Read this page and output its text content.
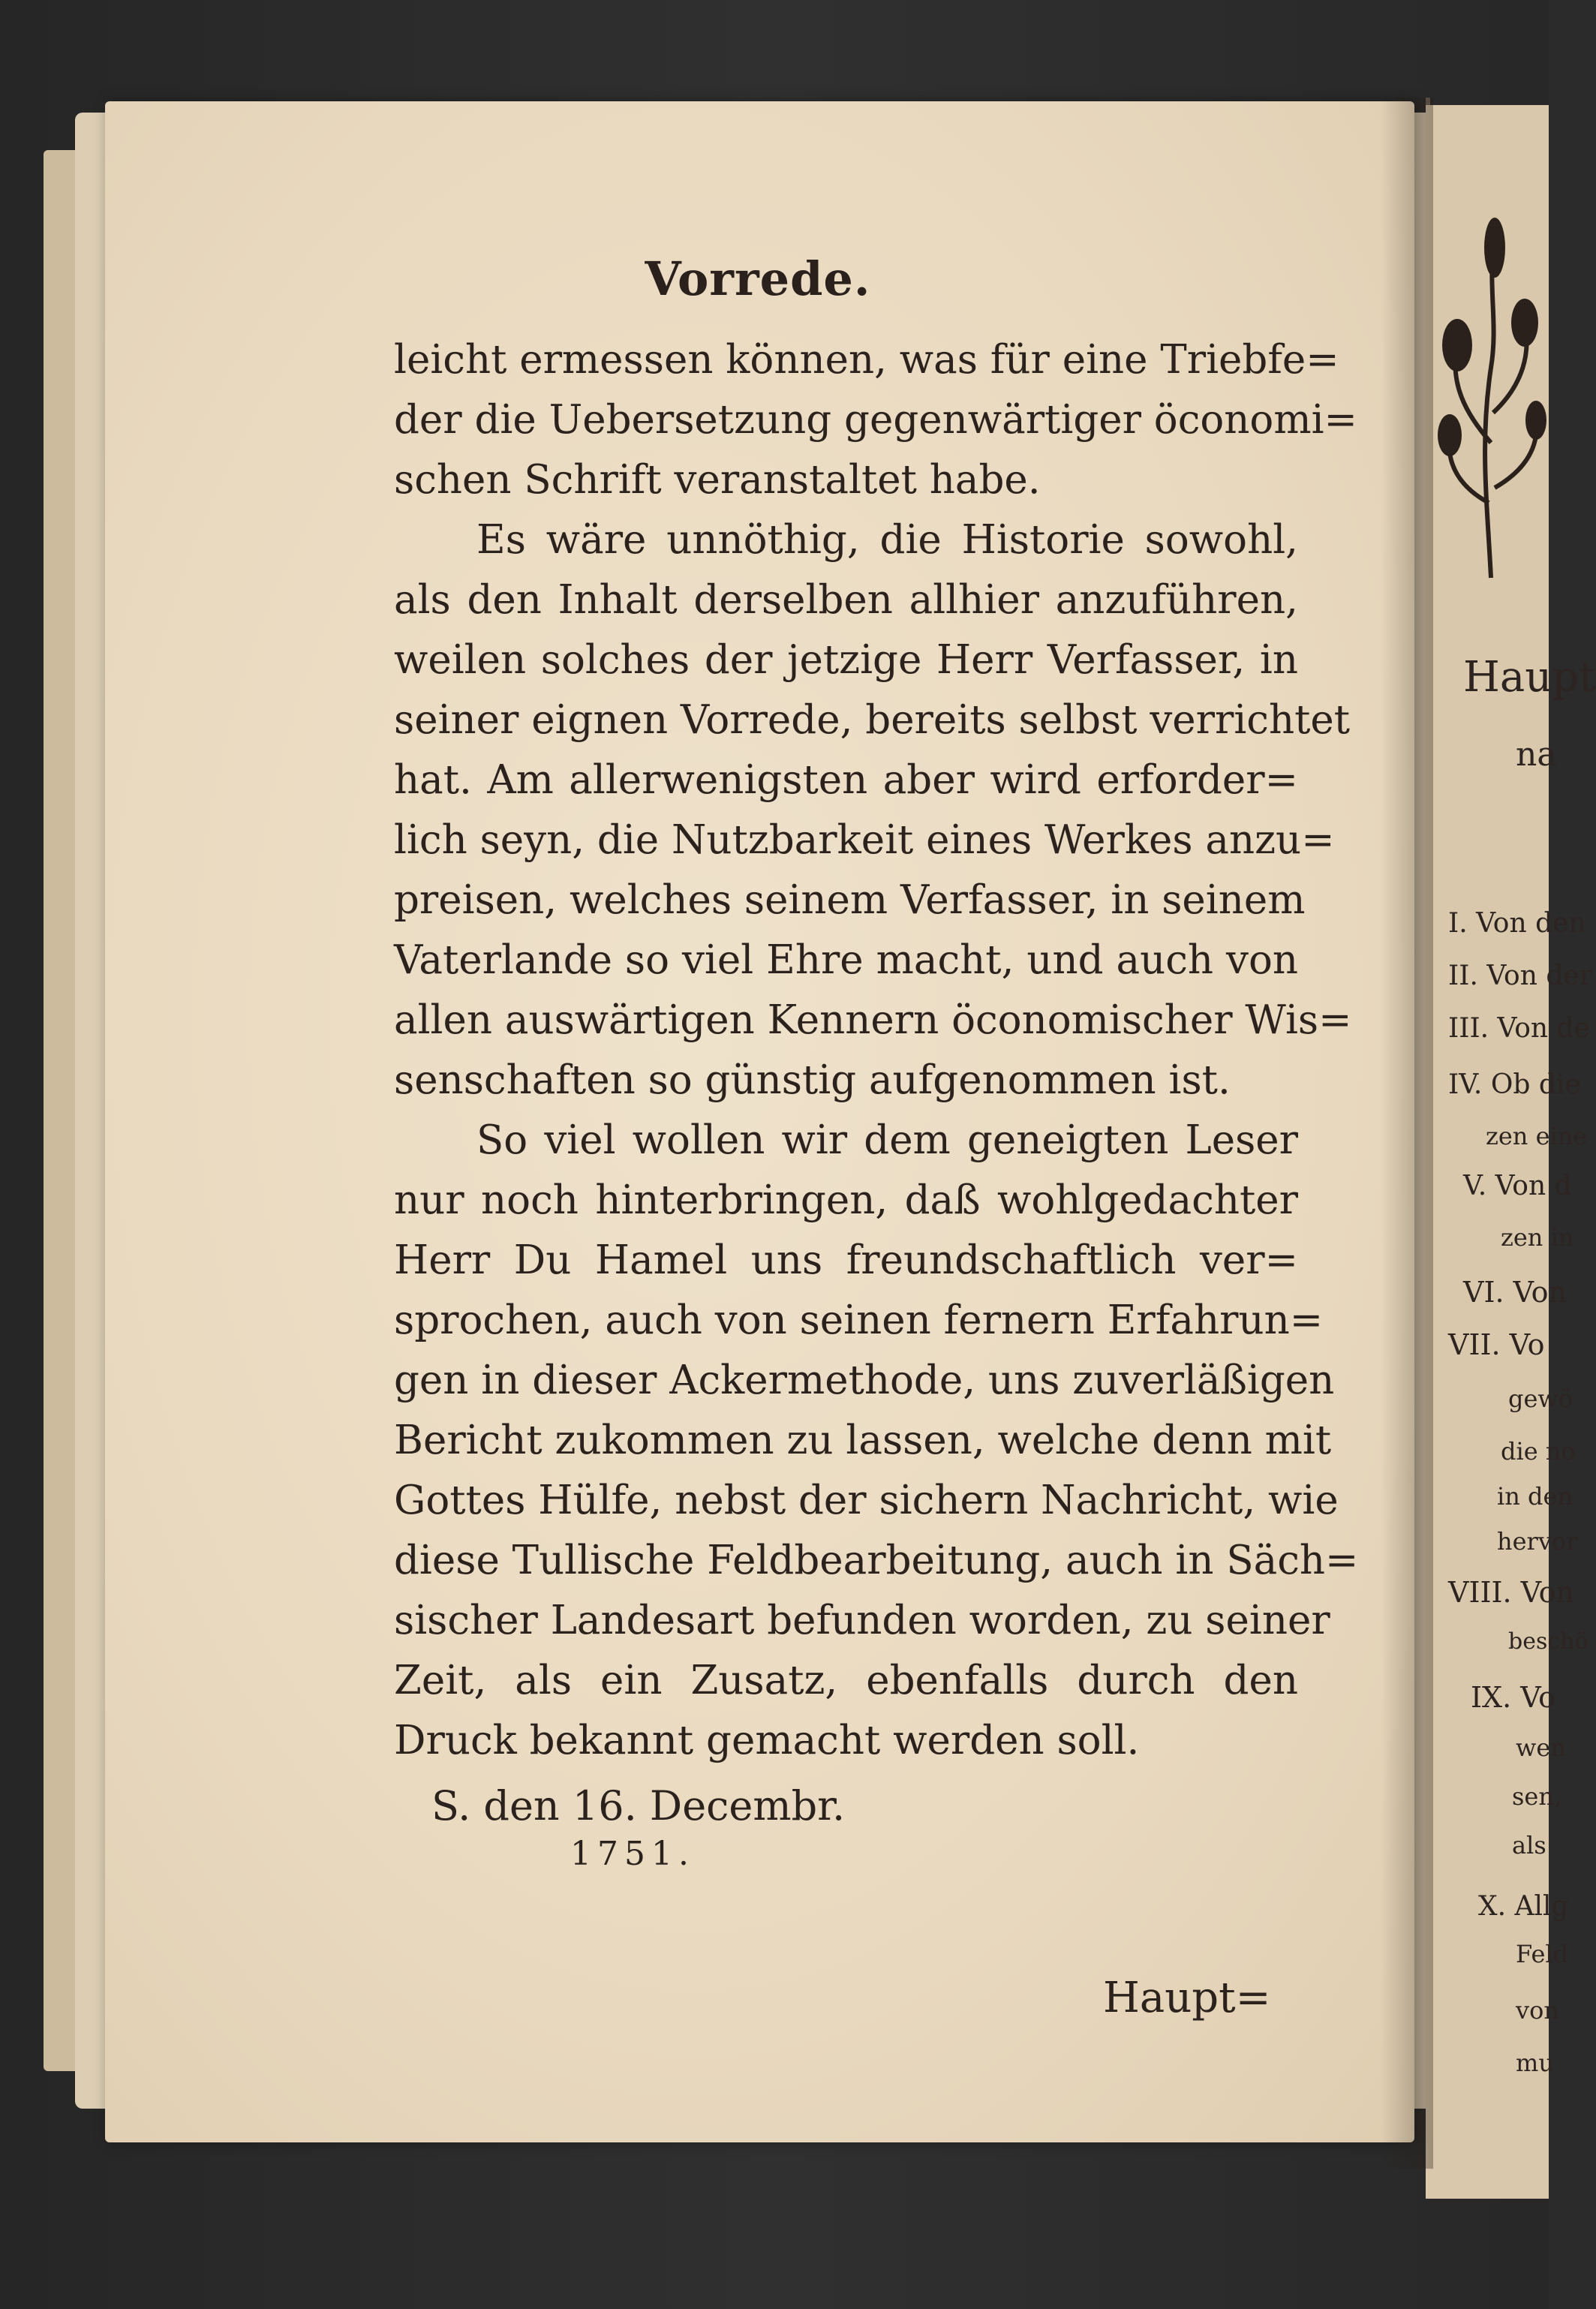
Haupt
na
I. Von den
II. Von der
III. Von de
IV. Ob die
zen eine
V. Von d
zen in
VI. Von
VII. Vo
gewö
die no
in den
hervor
VIII. Von
beschö
IX. Vo
wen
sen,
als
X. Allg
Feld
von
mu
Vorrede.
leicht ermessen können, was für eine Triebfe=
der die Uebersetzung gegenwärtiger öconomi=
schen Schrift veranstaltet habe.
Es wäre unnöthig, die Historie sowohl,
als den Inhalt derselben allhier anzuführen,
weilen solches der jetzige Herr Verfasser, in
seiner eignen Vorrede, bereits selbst verrichtet
hat. Am allerwenigsten aber wird erforder=
lich seyn, die Nutzbarkeit eines Werkes anzu=
preisen, welches seinem Verfasser, in seinem
Vaterlande so viel Ehre macht, und auch von
allen auswärtigen Kennern öconomischer Wis=
senschaften so günstig aufgenommen ist.
So viel wollen wir dem geneigten Leser
nur noch hinterbringen, daß wohlgedachter
Herr Du Hamel uns freundschaftlich ver=
sprochen, auch von seinen fernern Erfahrun=
gen in dieser Ackermethode, uns zuverläßigen
Bericht zukommen zu lassen, welche denn mit
Gottes Hülfe, nebst der sichern Nachricht, wie
diese Tullische Feldbearbeitung, auch in Säch=
sischer Landesart befunden worden, zu seiner
Zeit, als ein Zusatz, ebenfalls durch den
Druck bekannt gemacht werden soll.
S. den 16. Decembr.
1751.
Haupt=
